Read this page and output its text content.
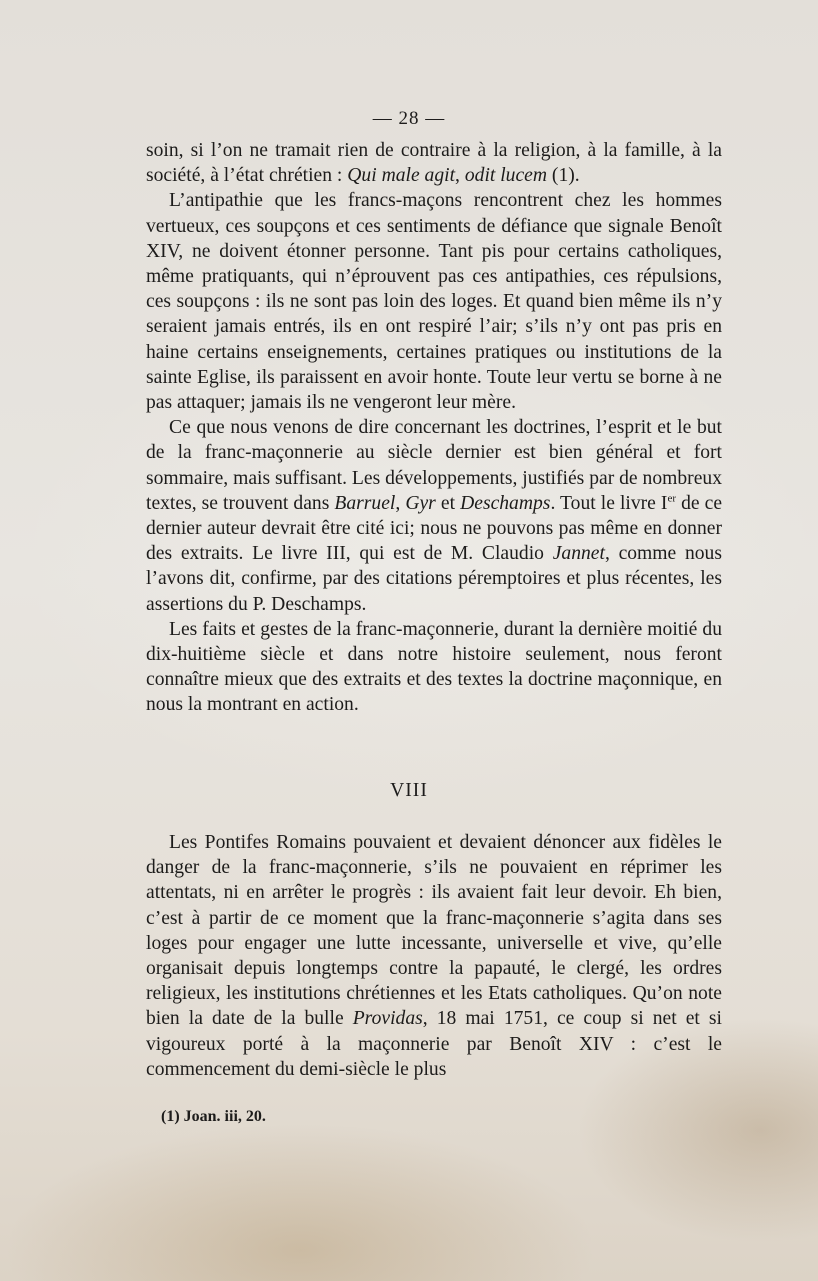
— 28 —

soin, si l’on ne tramait rien de contraire à la religion, à la famille, à la société, à l’état chrétien : Qui male agit, odit lucem (1).

L’antipathie que les francs-maçons rencontrent chez les hommes vertueux, ces soupçons et ces sentiments de défiance que signale Benoît XIV, ne doivent étonner personne. Tant pis pour certains catholiques, même pratiquants, qui n’éprouvent pas ces antipathies, ces répulsions, ces soupçons : ils ne sont pas loin des loges. Et quand bien même ils n’y seraient jamais entrés, ils en ont respiré l’air; s’ils n’y ont pas pris en haine certains enseignements, certaines pratiques ou institutions de la sainte Eglise, ils paraissent en avoir honte. Toute leur vertu se borne à ne pas attaquer; jamais ils ne vengeront leur mère.

Ce que nous venons de dire concernant les doctrines, l’esprit et le but de la franc-maçonnerie au siècle dernier est bien général et fort sommaire, mais suffisant. Les développements, justifiés par de nombreux textes, se trouvent dans Barruel, Gyr et Deschamps. Tout le livre Ier de ce dernier auteur devrait être cité ici; nous ne pouvons pas même en donner des extraits. Le livre III, qui est de M. Claudio Jannet, comme nous l’avons dit, confirme, par des citations péremptoires et plus récentes, les assertions du P. Deschamps.

Les faits et gestes de la franc-maçonnerie, durant la dernière moitié du dix-huitième siècle et dans notre histoire seulement, nous feront connaître mieux que des extraits et des textes la doctrine maçonnique, en nous la montrant en action.

VIII

Les Pontifes Romains pouvaient et devaient dénoncer aux fidèles le danger de la franc-maçonnerie, s’ils ne pouvaient en réprimer les attentats, ni en arrêter le progrès : ils avaient fait leur devoir. Eh bien, c’est à partir de ce moment que la franc-maçonnerie s’agita dans ses loges pour engager une lutte incessante, universelle et vive, qu’elle organisait depuis longtemps contre la papauté, le clergé, les ordres religieux, les institutions chrétiennes et les Etats catholiques. Qu’on note bien la date de la bulle Providas, 18 mai 1751, ce coup si net et si vigoureux porté à la maçonnerie par Benoît XIV : c’est le commencement du demi-siècle le plus

(1) Joan. iii, 20.
